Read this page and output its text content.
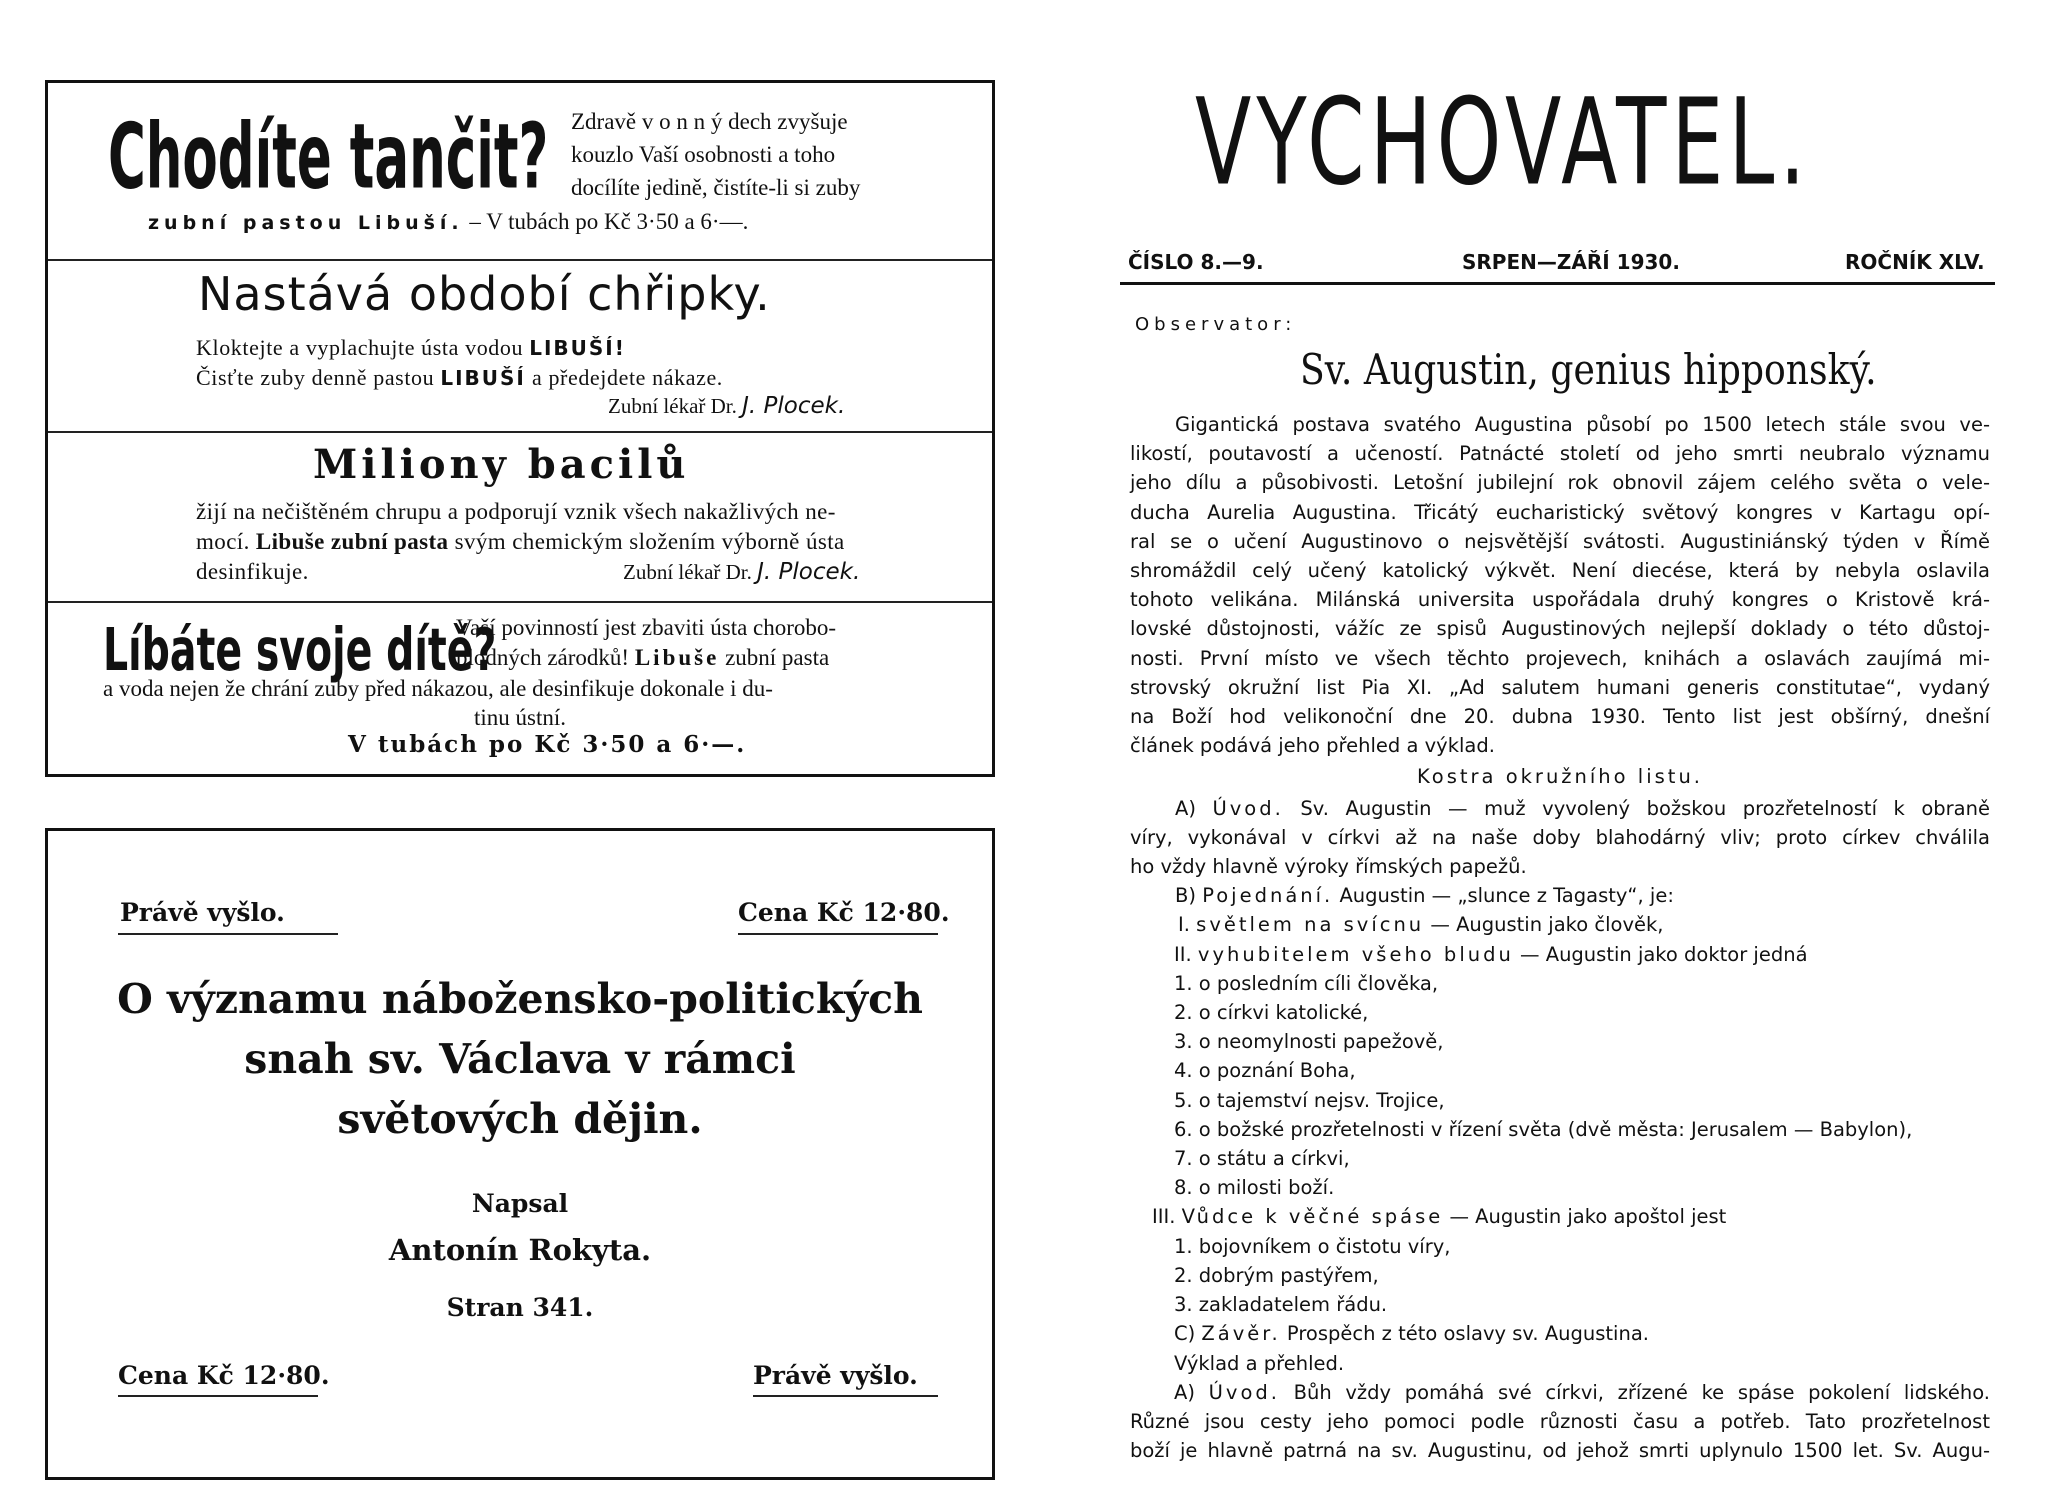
Chodíte tančit? Zdravě v o n n ý dech zvyšuje
kouzlo Vaší osobnosti a toho
docílíte jedině, čistíte-li si zuby
zubní pastou Libuší. – V tubách po Kč 3·50 a 6·—.
Nastává období chřipky.
Kloktejte a vyplachujte ústa vodou LIBUŠÍ!
Čisťte zuby denně pastou LIBUŠÍ a předejdete nákaze.
Zubní lékař Dr. J. Plocek.
Miliony bacilů
žijí na nečištěném chrupu a podporují vznik všech nakažlivých ne-
mocí. Libuše zubní pasta svým chemickým složením výborně ústa
desinfikuje.	Zubní lékař Dr. J. Plocek.
Líbáte svoje dítě?
Vaší povinností jest zbaviti ústa chorobo-
plodných zárodků! Libuše zubní pasta
a voda nejen že chrání zuby před nákazou, ale desinfikuje dokonale i du-
tinu ústní.
V tubách po Kč 3·50 a 6·—.
Právě vyšlo.	Cena Kč 12·80.
O významu nábožensko-politických
snah sv. Václava v rámci
světových dějin.
Napsal
Antonín Rokyta.
Stran 341.
Cena Kč 12·80.	Právě vyšlo.
VYCHOVATEL.
ČÍSLO 8.—9.	SRPEN—ZÁŘÍ 1930.	ROČNÍK XLV.
Observator:
Sv. Augustin, genius hipponský.
Gigantická postava svatého Augustina působí po 1500 letech stále svou ve-
likostí, poutavostí a učeností. Patnácté století od jeho smrti neubralo významu
jeho dílu a působivosti. Letošní jubilejní rok obnovil zájem celého světa o vele-
ducha Aurelia Augustina. Třicátý eucharistický světový kongres v Kartagu opí-
ral se o učení Augustinovo o nejsvětější svátosti. Augustiniánský týden v Římě
shromáždil celý učený katolický výkvět. Není diecése, která by nebyla oslavila
tohoto velikána. Milánská universita uspořádala druhý kongres o Kristově krá-
lovské důstojnosti, vážíc ze spisů Augustinových nejlepší doklady o této důstoj-
nosti. První místo ve všech těchto projevech, knihách a oslavách zaujímá mi-
strovský okružní list Pia XI. „Ad salutem humani generis constitutae“, vydaný
na Boží hod velikonoční dne 20. dubna 1930. Tento list jest obšírný, dnešní
článek podává jeho přehled a výklad.
Kostra okružního listu.
A) Úvod. Sv. Augustin — muž vyvolený božskou prozřetelností k obraně
víry, vykonával v církvi až na naše doby blahodárný vliv; proto církev chválila
ho vždy hlavně výroky římských papežů.
B) Pojednání. Augustin — „slunce z Tagasty“, je:
I. světlem na svícnu — Augustin jako člověk,
II. vyhubitelem všeho bludu — Augustin jako doktor jedná
1. o posledním cíli člověka,
2. o církvi katolické,
3. o neomylnosti papežově,
4. o poznání Boha,
5. o tajemství nejsv. Trojice,
6. o božské prozřetelnosti v řízení světa (dvě města: Jerusalem — Babylon),
7. o státu a církvi,
8. o milosti boží.
III. Vůdce k věčné spáse — Augustin jako apoštol jest
1. bojovníkem o čistotu víry,
2. dobrým pastýřem,
3. zakladatelem řádu.
C) Závěr. Prospěch z této oslavy sv. Augustina.
Výklad a přehled.
A) Úvod. Bůh vždy pomáhá své církvi, zřízené ke spáse pokolení lidského.
Různé jsou cesty jeho pomoci podle různosti času a potřeb. Tato prozřetelnost
boží je hlavně patrná na sv. Augustinu, od jehož smrti uplynulo 1500 let. Sv. Augu-
